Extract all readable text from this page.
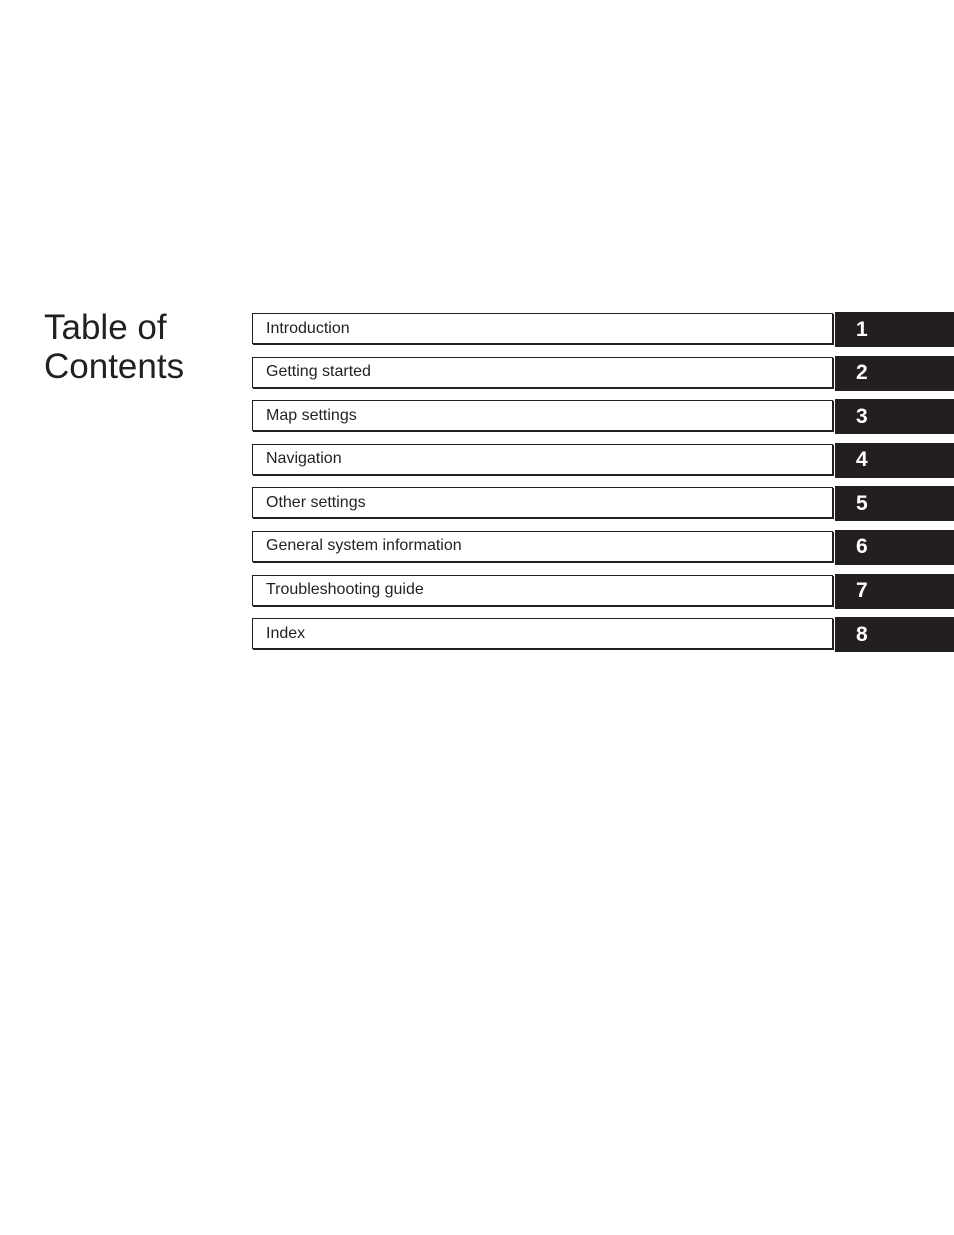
Table of
Contents
Introduction	1
Getting started	2
Map settings	3
Navigation	4
Other settings	5
General system information	6
Troubleshooting guide	7
Index	8
